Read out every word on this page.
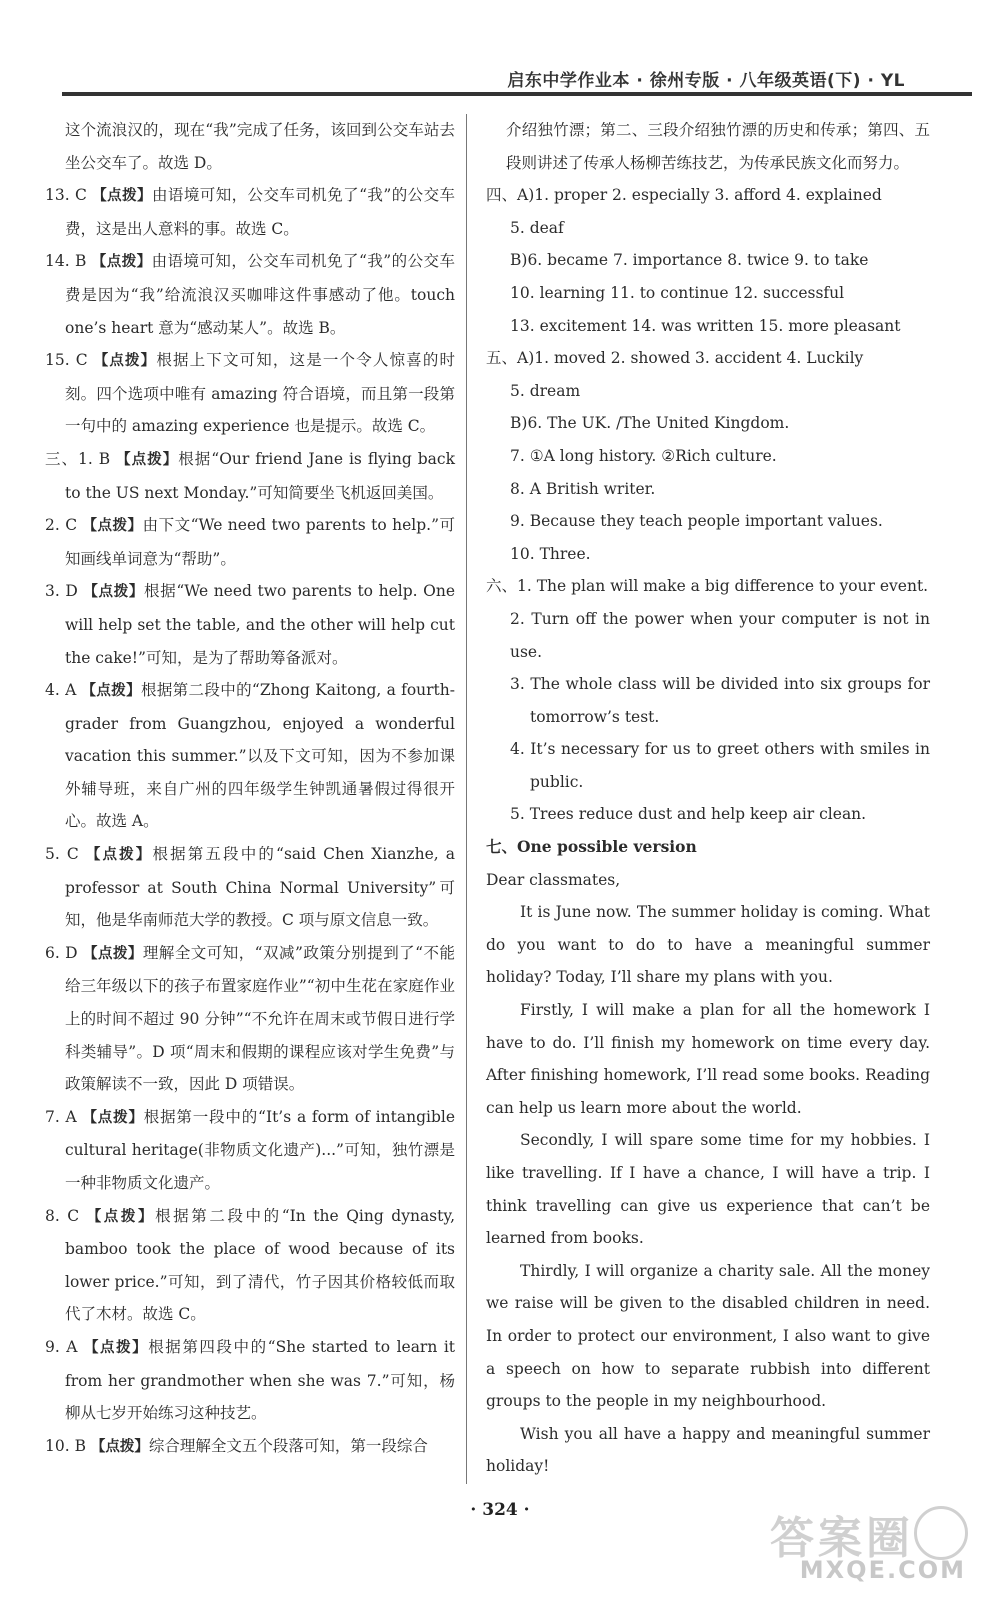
启东中学作业本 · 徐州专版 · 八年级英语(下) · YL

这个流浪汉的，现在“我”完成了任务，该回到公交车站去坐公交车了。故选 D。

13. C 【点拨】由语境可知，公交车司机免了“我”的公交车费，这是出人意料的事。故选 C。

14. B 【点拨】由语境可知，公交车司机免了“我”的公交车费是因为“我”给流浪汉买咖啡这件事感动了他。touch one’s heart 意为“感动某人”。故选 B。

15. C 【点拨】根据上下文可知，这是一个令人惊喜的时刻。四个选项中唯有 amazing 符合语境，而且第一段第一句中的 amazing experience 也是提示。故选 C。

三、1. B 【点拨】根据“Our friend Jane is flying back to the US next Monday.”可知简要坐飞机返回美国。

2. C 【点拨】由下文“We need two parents to help.”可知画线单词意为“帮助”。

3. D 【点拨】根据“We need two parents to help. One will help set the table, and the other will help cut the cake!”可知，是为了帮助筹备派对。

4. A 【点拨】根据第二段中的“Zhong Kaitong, a fourth-grader from Guangzhou, enjoyed a wonderful vacation this summer.”以及下文可知，因为不参加课外辅导班，来自广州的四年级学生钟凯通暑假过得很开心。故选 A。

5. C 【点拨】根据第五段中的“said Chen Xianzhe, a professor at South China Normal University”可知，他是华南师范大学的教授。C 项与原文信息一致。

6. D 【点拨】理解全文可知，“双减”政策分别提到了“不能给三年级以下的孩子布置家庭作业”“初中生花在家庭作业上的时间不超过 90 分钟”“不允许在周末或节假日进行学科类辅导”。D 项“周末和假期的课程应该对学生免费”与政策解读不一致，因此 D 项错误。

7. A 【点拨】根据第一段中的“It’s a form of intangible cultural heritage(非物质文化遗产)...”可知，独竹漂是一种非物质文化遗产。

8. C 【点拨】根据第二段中的“In the Qing dynasty, bamboo took the place of wood because of its lower price.”可知，到了清代，竹子因其价格较低而取代了木材。故选 C。

9. A 【点拨】根据第四段中的“She started to learn it from her grandmother when she was 7.”可知，杨柳从七岁开始练习这种技艺。

10. B 【点拨】综合理解全文五个段落可知，第一段综合

介绍独竹漂；第二、三段介绍独竹漂的历史和传承；第四、五段则讲述了传承人杨柳苦练技艺，为传承民族文化而努力。

四、A)1. proper 2. especially 3. afford 4. explained

5. deaf

B)6. became 7. importance 8. twice 9. to take

10. learning 11. to continue 12. successful

13. excitement 14. was written 15. more pleasant

五、A)1. moved 2. showed 3. accident 4. Luckily

5. dream

B)6. The UK. /The United Kingdom.

7. ①A long history. ②Rich culture.

8. A British writer.

9. Because they teach people important values.

10. Three.

六、1. The plan will make a big difference to your event.

2. Turn off the power when your computer is not in use.

3. The whole class will be divided into six groups for tomorrow’s test.

4. It’s necessary for us to greet others with smiles in public.

5. Trees reduce dust and help keep air clean.

七、One possible version

Dear classmates,

It is June now. The summer holiday is coming. What do you want to do to have a meaningful summer holiday? Today, I’ll share my plans with you.

Firstly, I will make a plan for all the homework I have to do. I’ll finish my homework on time every day. After finishing homework, I’ll read some books. Reading can help us learn more about the world.

Secondly, I will spare some time for my hobbies. I like travelling. If I have a chance, I will have a trip. I think travelling can give us experience that can’t be learned from books.

Thirdly, I will organize a charity sale. All the money we raise will be given to the disabled children in need. In order to protect our environment, I also want to give a speech on how to separate rubbish into different groups to the people in my neighbourhood.

Wish you all have a happy and meaningful summer holiday!

· 324 ·
答案圈
MXQE.COM
